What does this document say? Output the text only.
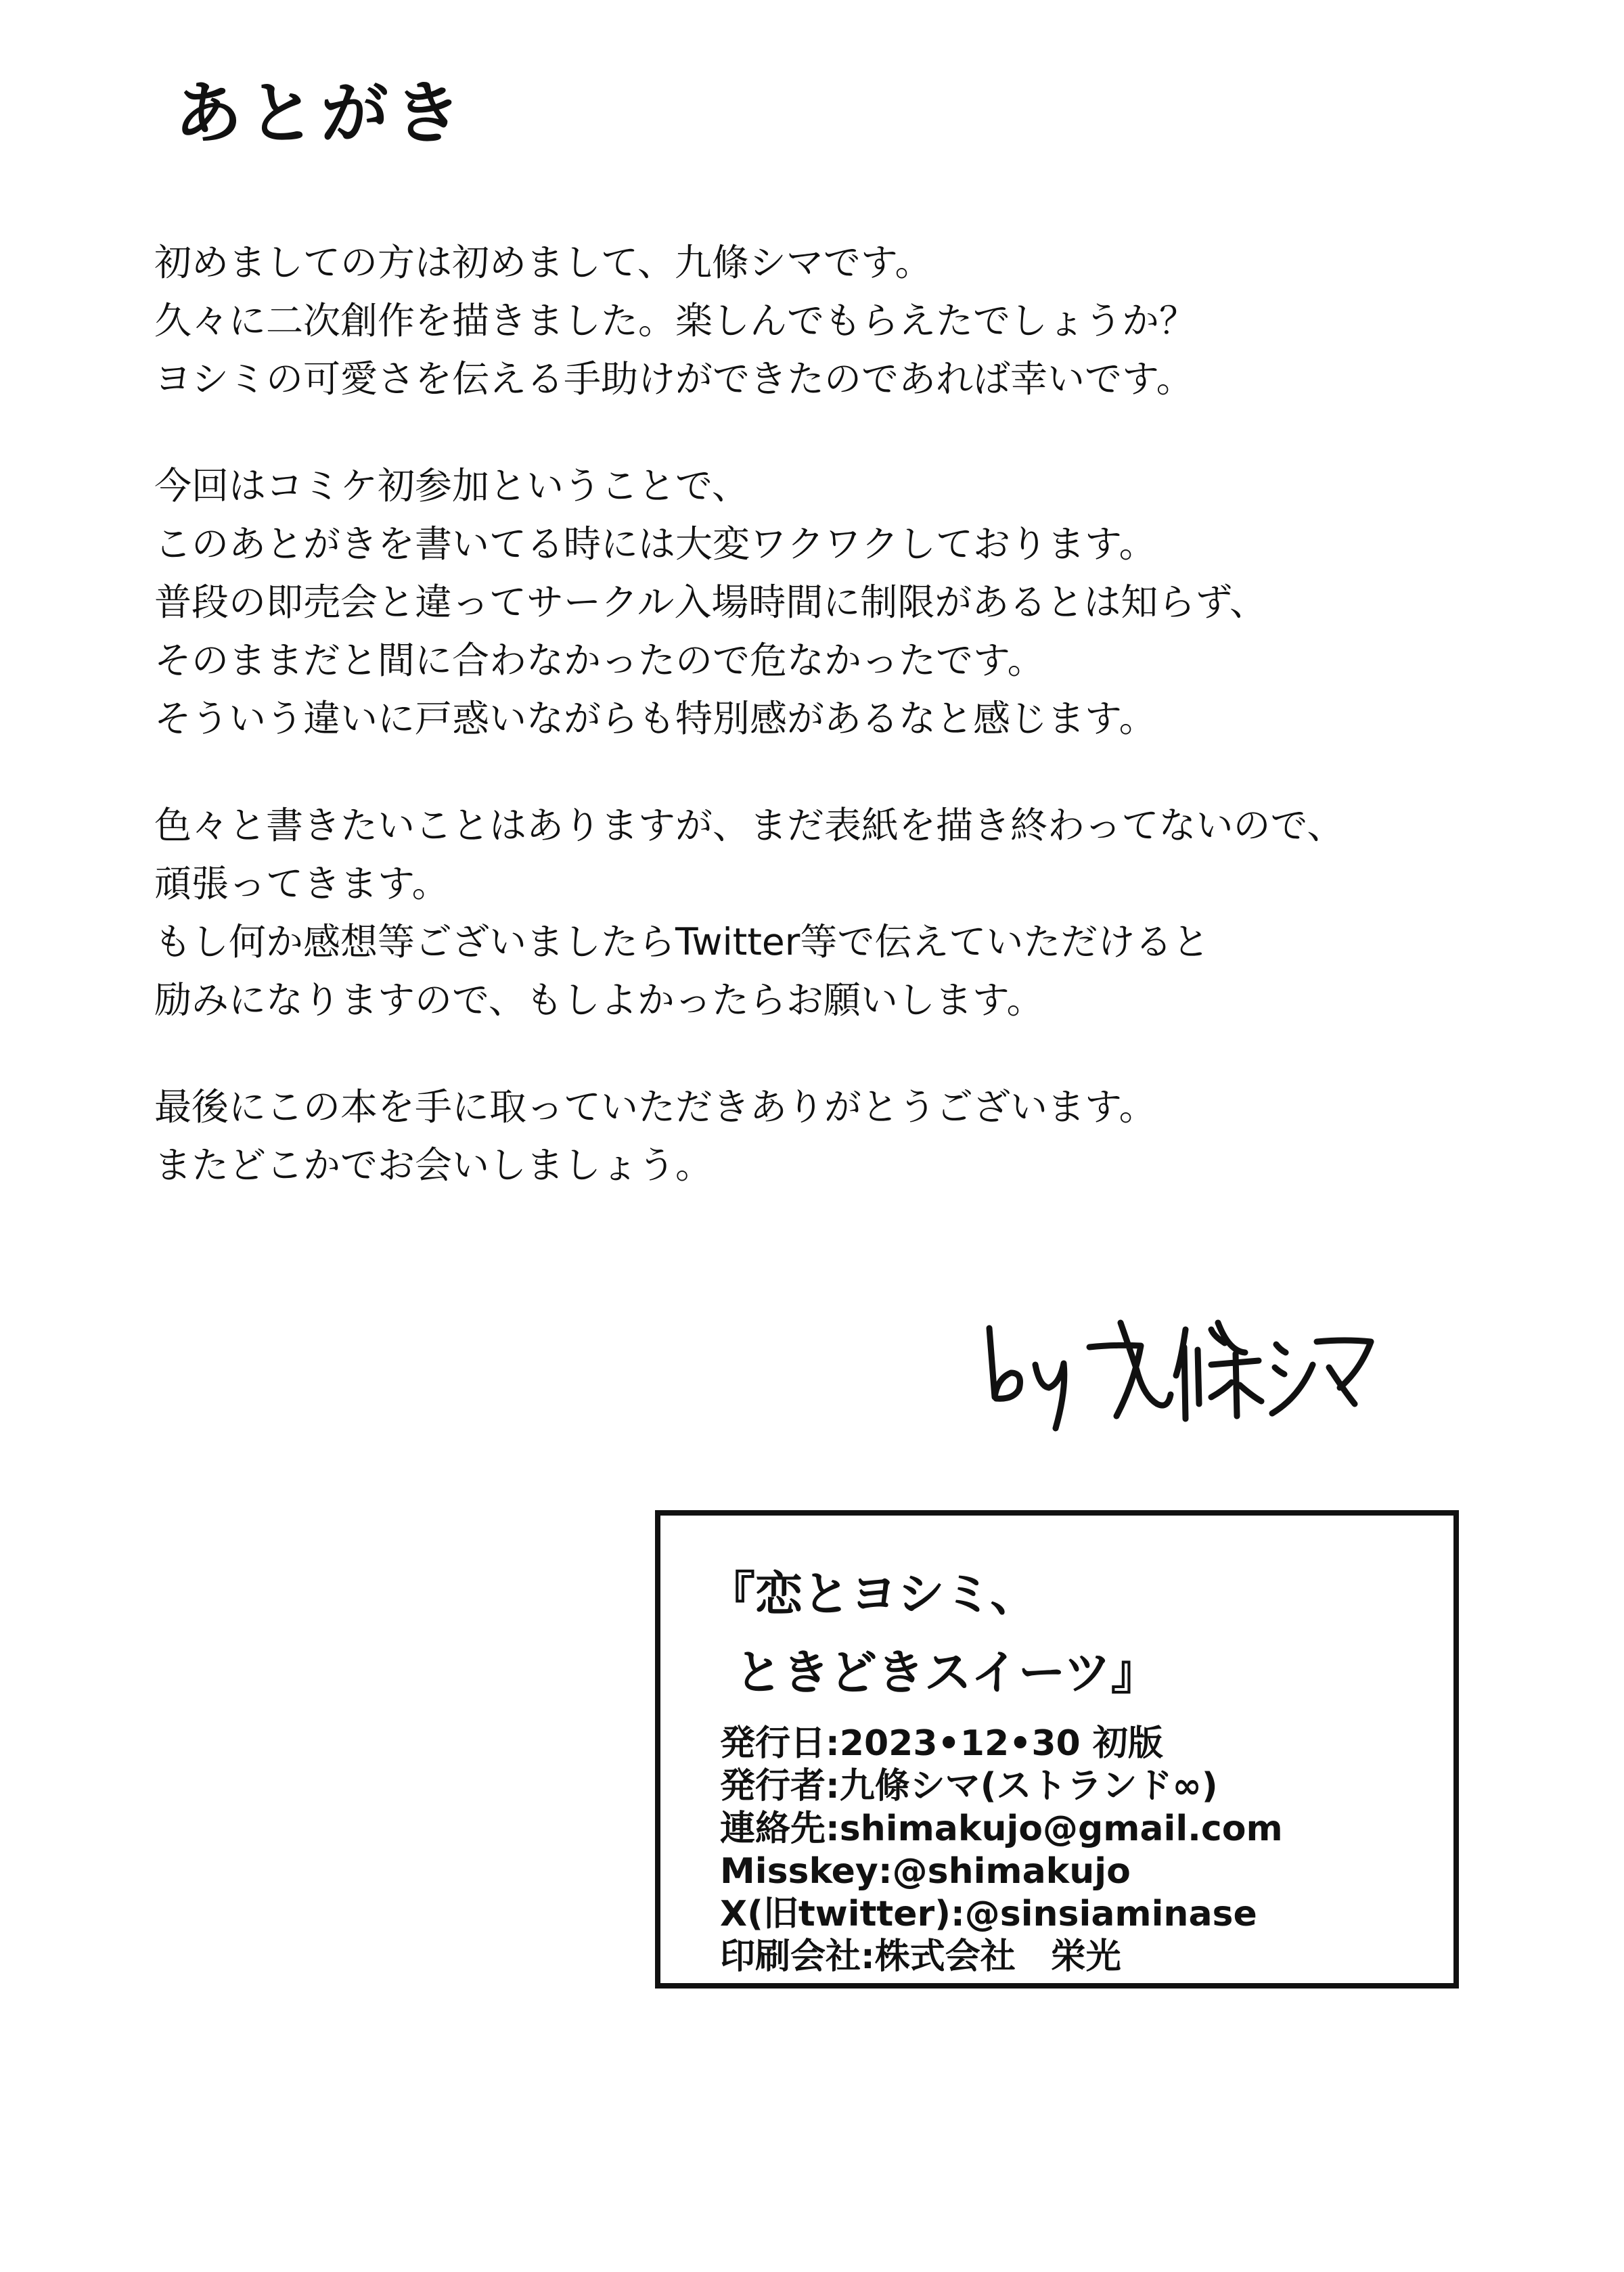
あとがき
初めましての方は初めまして、九條シマです。
久々に二次創作を描きました。楽しんでもらえたでしょうか？
ヨシミの可愛さを伝える手助けができたのであれば幸いです。
今回はコミケ初参加ということで、
このあとがきを書いてる時には大変ワクワクしております。
普段の即売会と違ってサークル入場時間に制限があるとは知らず、
そのままだと間に合わなかったので危なかったです。
そういう違いに戸惑いながらも特別感があるなと感じます。
色々と書きたいことはありますが、まだ表紙を描き終わってないので、
頑張ってきます。
もし何か感想等ございましたらTwitter等で伝えていただけると
励みになりますので、もしよかったらお願いします。
最後にこの本を手に取っていただきありがとうございます。
またどこかでお会いしましょう。
『恋とヨシミ、
ときどきスイーツ』
発行日:2023•12•30 初版
発行者:九條シマ(ストランド∞)
連絡先:shimakujo@gmail.com
Misskey:@shimakujo
X(旧twitter):@sinsiaminase
印刷会社:株式会社　栄光
